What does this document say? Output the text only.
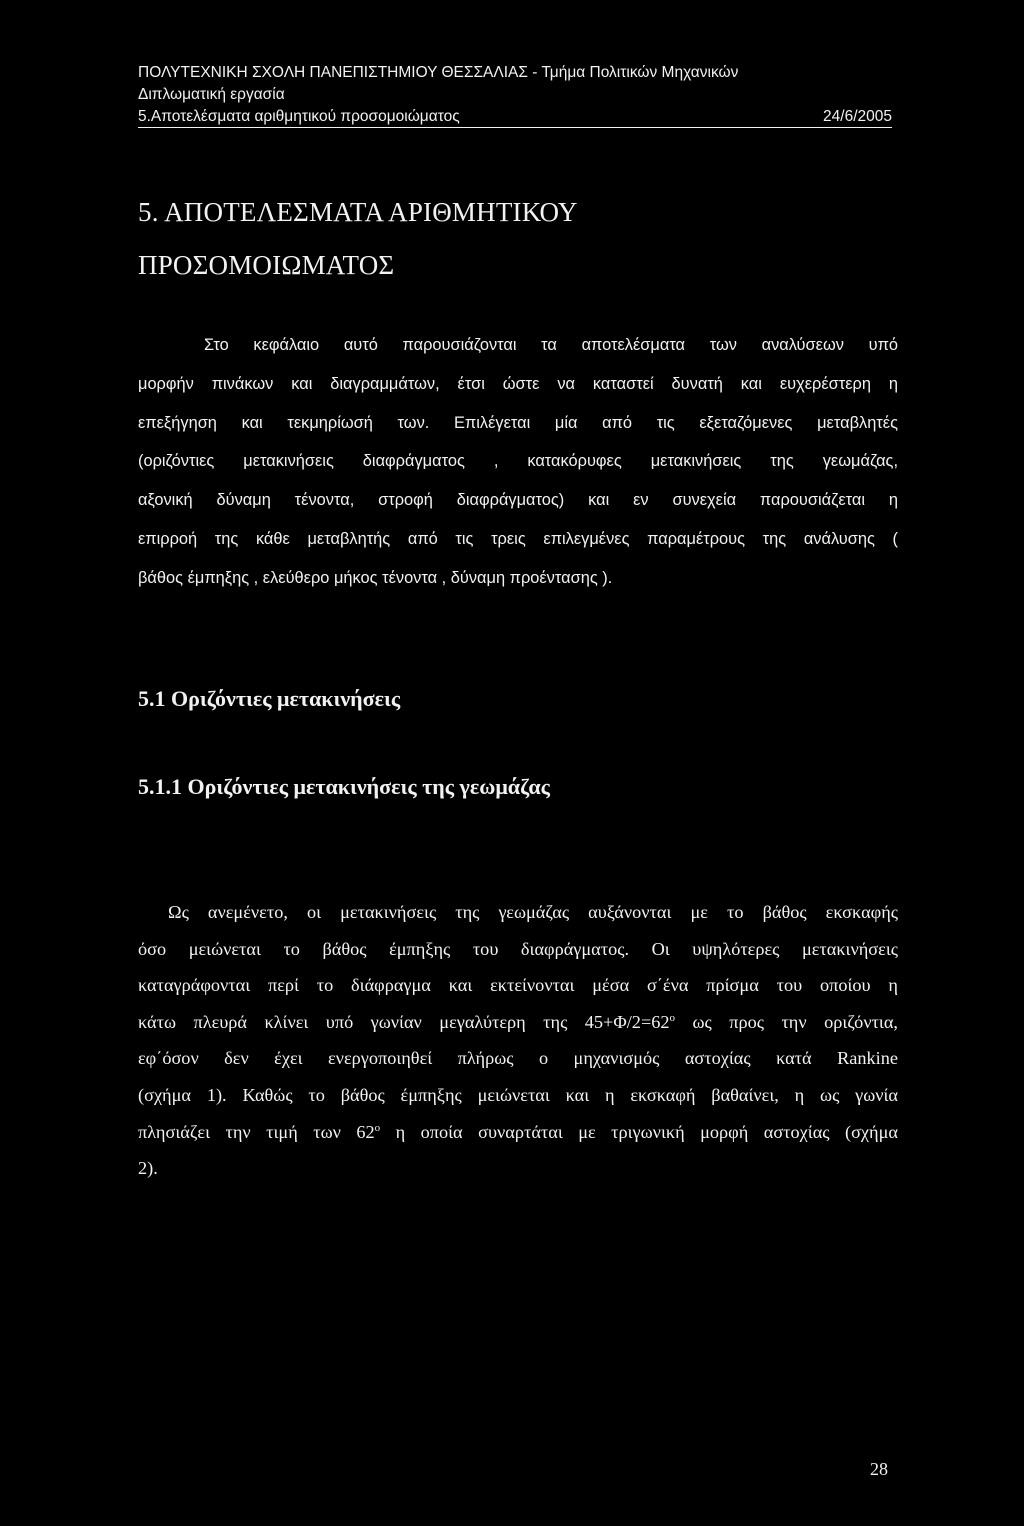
ΠΟΛΥΤΕΧΝΙΚΗ ΣΧΟΛΗ ΠΑΝΕΠΙΣΤΗΜΙΟΥ ΘΕΣΣΑΛΙΑΣ - Τμήμα Πολιτικών Μηχανικών
Διπλωματική εργασία
5.Αποτελέσματα αριθμητικού προσομοιώματος	24/6/2005
5. ΑΠΟΤΕΛΕΣΜΑΤΑ ΑΡΙΘΜΗΤΙΚΟΥ
ΠΡΟΣΟΜΟΙΩΜΑΤΟΣ
Στο κεφάλαιο αυτό παρουσιάζονται τα αποτελέσματα των αναλύσεων υπό
μορφήν πινάκων και διαγραμμάτων, έτσι ώστε να καταστεί δυνατή και ευχερέστερη η
επεξήγηση και τεκμηρίωσή των. Επιλέγεται μία από τις εξεταζόμενες μεταβλητές
(οριζόντιες μετακινήσεις διαφράγματος , κατακόρυφες μετακινήσεις της γεωμάζας,
αξονική δύναμη τένοντα, στροφή διαφράγματος) και εν συνεχεία παρουσιάζεται η
επιρροή της κάθε μεταβλητής από τις τρεις επιλεγμένες παραμέτρους της ανάλυσης (
βάθος έμπηξης , ελεύθερο μήκος τένοντα , δύναμη προέντασης ).
5.1 Οριζόντιες μετακινήσεις
5.1.1 Οριζόντιες μετακινήσεις της γεωμάζας
Ως ανεμένετο, οι μετακινήσεις της γεωμάζας αυξάνονται με το βάθος εκσκαφής
όσο μειώνεται το βάθος έμπηξης του διαφράγματος. Οι υψηλότερες μετακινήσεις
καταγράφονται περί το διάφραγμα και εκτείνονται μέσα σ΄ένα πρίσμα του οποίου η
κάτω πλευρά κλίνει υπό γωνίαν μεγαλύτερη της $45+\Phi/2=62^o$ ως προς την οριζόντια,
εφ΄όσον δεν έχει ενεργοποιηθεί πλήρως ο μηχανισμός αστοχίας κατά Rankine
(σχήμα 1). Καθώς το βάθος έμπηξης μειώνεται και η εκσκαφή βαθαίνει, η ως γωνία
πλησιάζει την τιμή των 62$^o$ η οποία συναρτάται με τριγωνική μορφή αστοχίας (σχήμα
2).
28
